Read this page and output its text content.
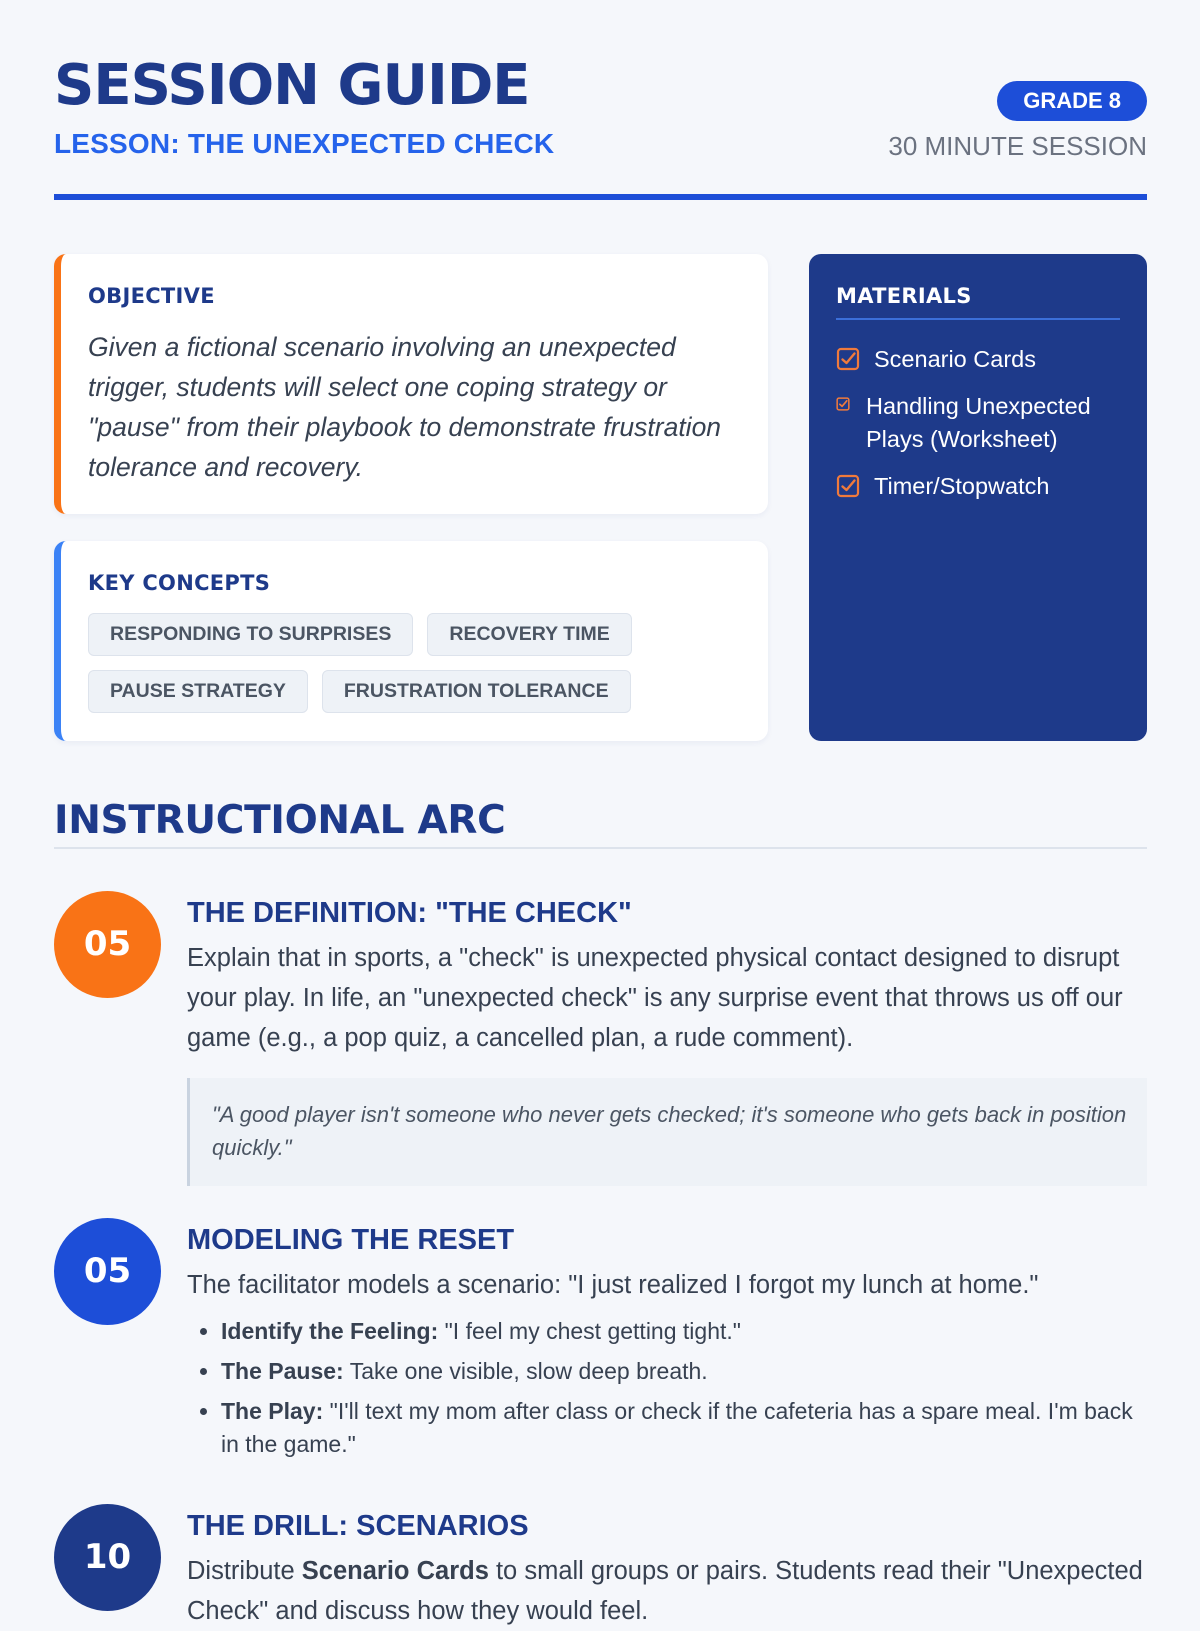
SESSION GUIDE
LESSON: THE UNEXPECTED CHECK
GRADE 8
30 MINUTE SESSION
OBJECTIVE
Given a fictional scenario involving an unexpected trigger, students will select one coping strategy or "pause" from their playbook to demonstrate frustration tolerance and recovery.
KEY CONCEPTS
RESPONDING TO SURPRISES	RECOVERY TIME
PAUSE STRATEGY	FRUSTRATION TOLERANCE
MATERIALS
Scenario Cards
Handling Unexpected Plays (Worksheet)
Timer/Stopwatch
INSTRUCTIONAL ARC
05
THE DEFINITION: "THE CHECK"
Explain that in sports, a "check" is unexpected physical contact designed to disrupt your play. In life, an "unexpected check" is any surprise event that throws us off our game (e.g., a pop quiz, a cancelled plan, a rude comment).
"A good player isn't someone who never gets checked; it's someone who gets back in position quickly."
05
MODELING THE RESET
The facilitator models a scenario: "I just realized I forgot my lunch at home."
• Identify the Feeling: "I feel my chest getting tight."
• The Pause: Take one visible, slow deep breath.
• The Play: "I'll text my mom after class or check if the cafeteria has a spare meal. I'm back in the game."
10
THE DRILL: SCENARIOS
Distribute Scenario Cards to small groups or pairs. Students read their "Unexpected Check" and discuss how they would feel.
